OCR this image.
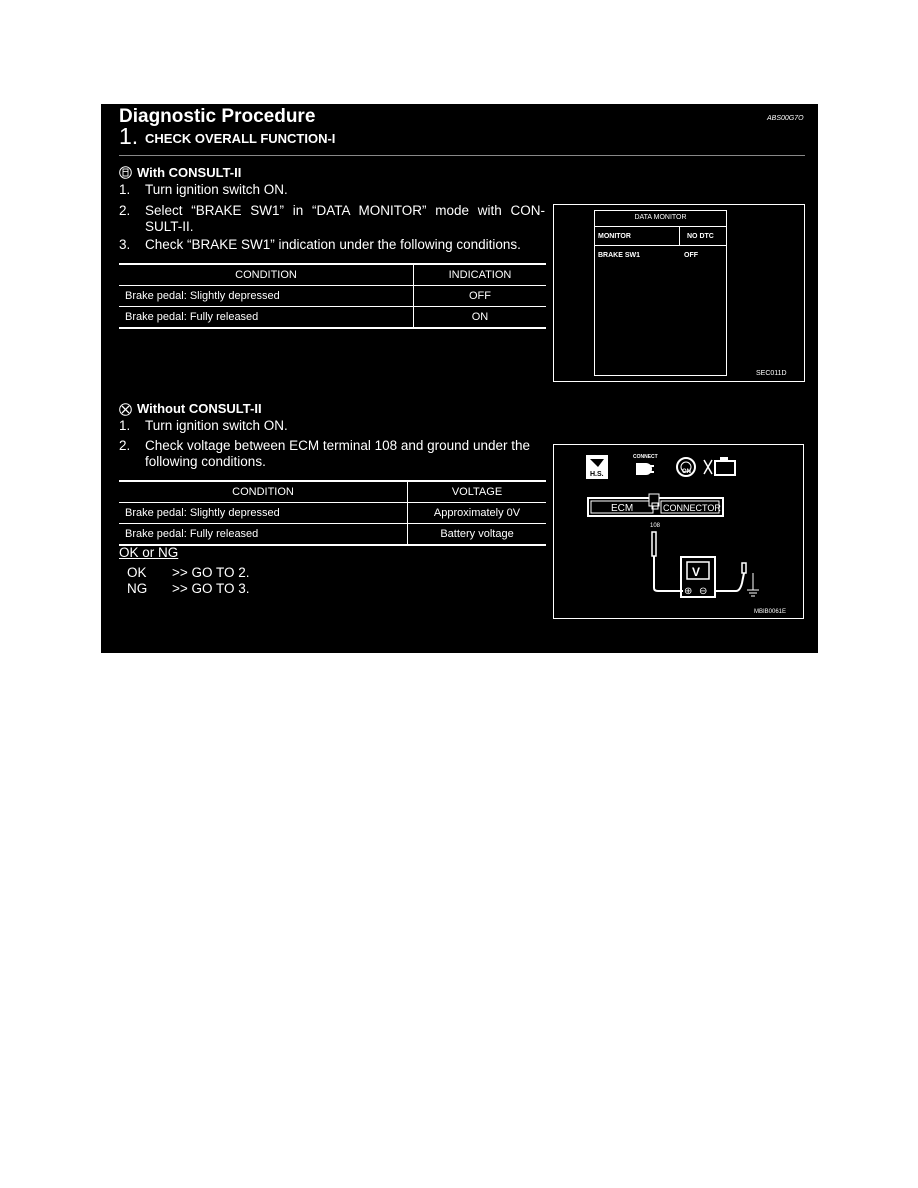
Diagnostic Procedure	ABS00G7O
1. CHECK OVERALL FUNCTION-I
With CONSULT-II
1. Turn ignition switch ON.
2. Select “BRAKE SW1” in “DATA MONITOR” mode with CON-
SULT-II.
3. Check “BRAKE SW1” indication under the following conditions.
CONDITION	INDICATION
Brake pedal: Slightly depressed	OFF
Brake pedal: Fully released	ON
DATA MONITOR
MONITOR	NO DTC
BRAKE SW1	OFF
SEC011D
Without CONSULT-II
1. Turn ignition switch ON.
2. Check voltage between ECM terminal 108 and ground under the
following conditions.
CONDITION	VOLTAGE
Brake pedal: Slightly depressed	Approximately 0V
Brake pedal: Fully released	Battery voltage
OK or NG
OK >> GO TO 2.
NG >> GO TO 3.
H.S.
CONNECT
ON
ECM	CONNECTOR
108
V
⊕ ⊖
MBIB0061E
